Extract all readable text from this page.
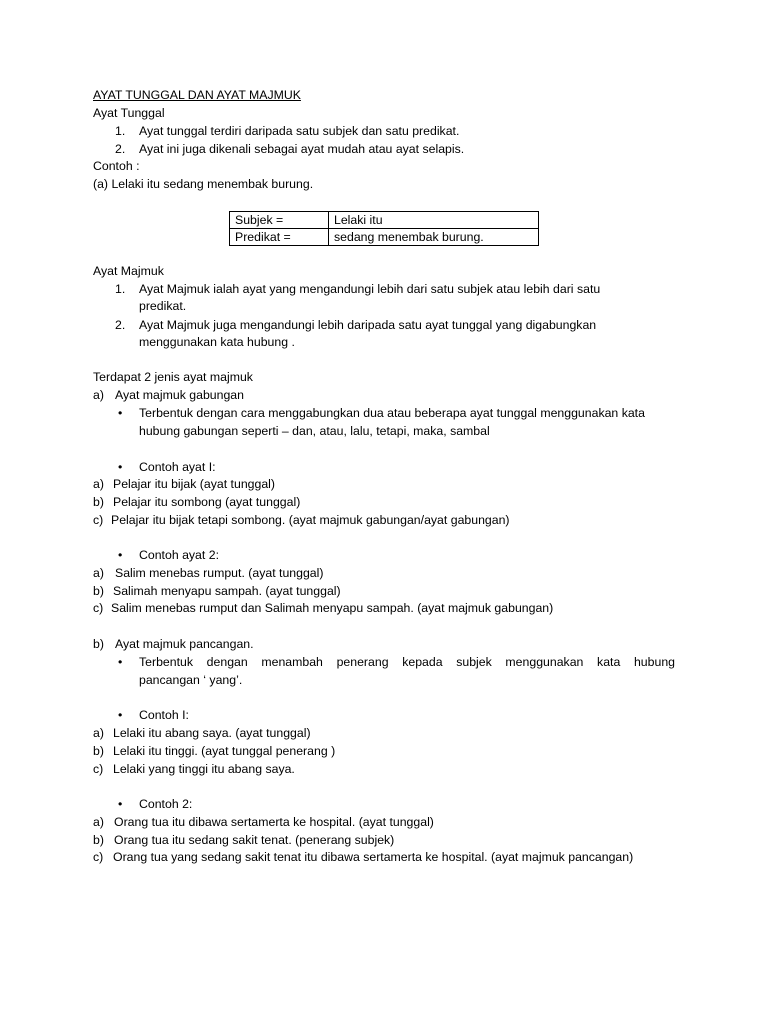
AYAT TUNGGAL DAN AYAT MAJMUK
Ayat Tunggal
1. Ayat tunggal terdiri daripada satu subjek dan satu predikat.
2. Ayat ini juga dikenali sebagai ayat mudah atau ayat selapis.
Contoh :
(a) Lelaki itu sedang menembak burung.
Subjek =	Lelaki itu
Predikat =	sedang menembak burung.
Ayat Majmuk
1. Ayat Majmuk ialah ayat yang mengandungi lebih dari satu subjek atau lebih dari satu
predikat.
2. Ayat Majmuk juga mengandungi lebih daripada satu ayat tunggal yang digabungkan
menggunakan kata hubung .
Terdapat 2 jenis ayat majmuk
a) Ayat majmuk gabungan
• Terbentuk dengan cara menggabungkan dua atau beberapa ayat tunggal menggunakan kata
hubung gabungan seperti – dan, atau, lalu, tetapi, maka, sambal
• Contoh ayat I:
a) Pelajar itu bijak (ayat tunggal)
b) Pelajar itu sombong (ayat tunggal)
c) Pelajar itu bijak tetapi sombong. (ayat majmuk gabungan/ayat gabungan)
• Contoh ayat 2:
a) Salim menebas rumput. (ayat tunggal)
b) Salimah menyapu sampah. (ayat tunggal)
c) Salim menebas rumput dan Salimah menyapu sampah. (ayat majmuk gabungan)
b) Ayat majmuk pancangan.
• Terbentuk dengan menambah penerang kepada subjek menggunakan kata hubung
pancangan ‘ yang’.
• Contoh I:
a) Lelaki itu abang saya. (ayat tunggal)
b) Lelaki itu tinggi. (ayat tunggal penerang )
c) Lelaki yang tinggi itu abang saya.
• Contoh 2:
a) Orang tua itu dibawa sertamerta ke hospital. (ayat tunggal)
b) Orang tua itu sedang sakit tenat. (penerang subjek)
c) Orang tua yang sedang sakit tenat itu dibawa sertamerta ke hospital. (ayat majmuk pancangan)
